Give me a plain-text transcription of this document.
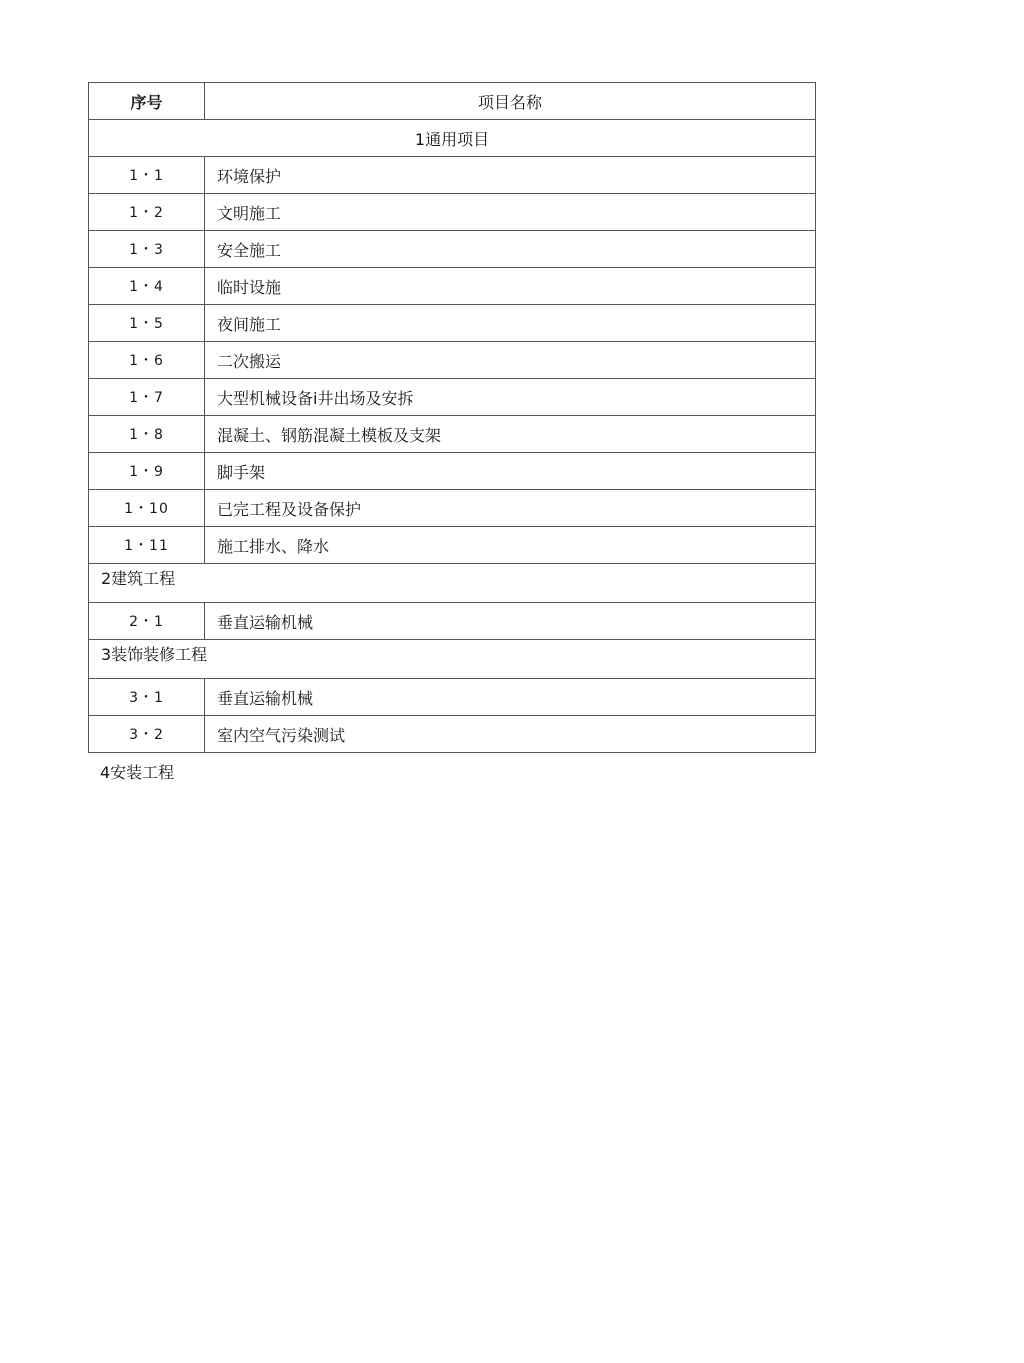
序号	项目名称
1通用项目	
1・1	环境保护
1・2	文明施工
1・3	安全施工
1・4	临时设施
1・5	夜间施工
1・6	二次搬运
1・7	大型机械设备i井出场及安拆
1・8	混凝土、钢筋混凝土模板及支架
1・9	脚手架
1・10	已完工程及设备保护
1・11	施工排水、降水
2建筑工程	
2・1	垂直运输机械
3装饰装修工程	
3・1	垂直运输机械
3・2	室内空气污染测试
4安装工程
